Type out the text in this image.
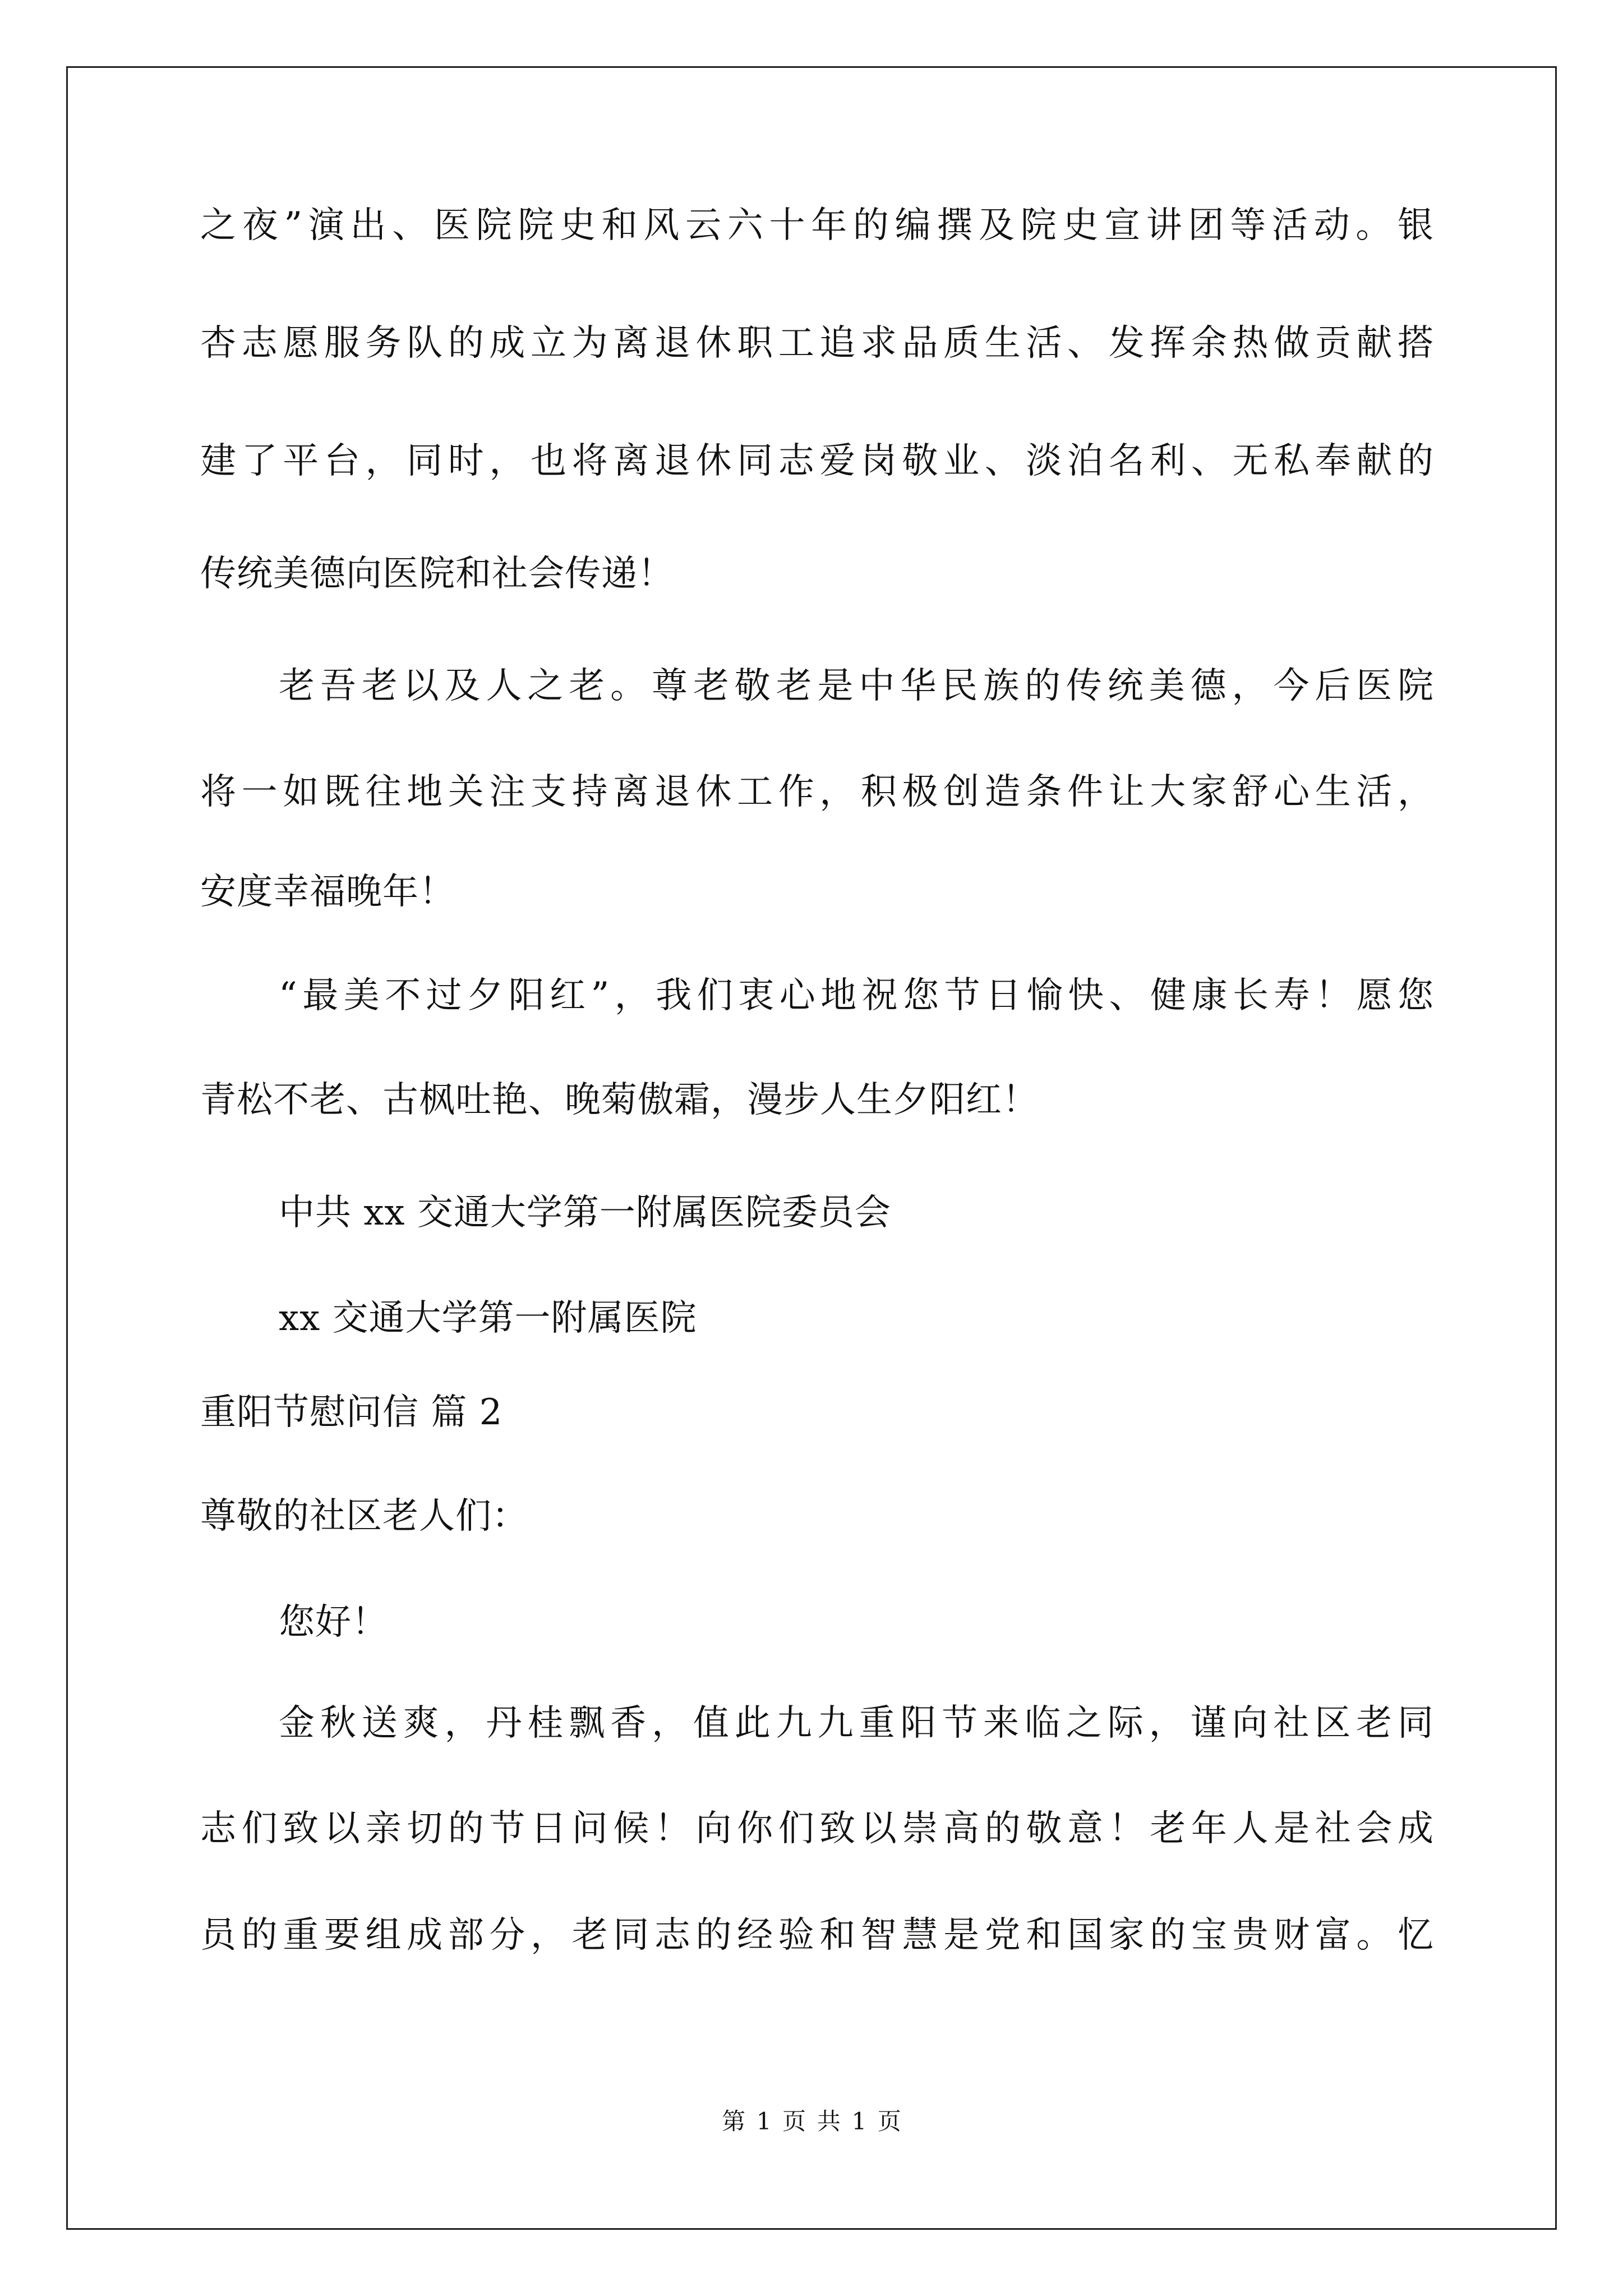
之夜”演出、医院院史和风云六十年的编撰及院史宣讲团等活动。银
杏志愿服务队的成立为离退休职工追求品质生活、发挥余热做贡献搭
建了平台，同时，也将离退休同志爱岗敬业、淡泊名利、无私奉献的
传统美德向医院和社会传递！
老吾老以及人之老。尊老敬老是中华民族的传统美德，今后医院
将一如既往地关注支持离退休工作，积极创造条件让大家舒心生活，
安度幸福晚年！
“最美不过夕阳红”，我们衷心地祝您节日愉快、健康长寿！愿您
青松不老、古枫吐艳、晚菊傲霜，漫步人生夕阳红！
中共 xx 交通大学第一附属医院委员会
xx 交通大学第一附属医院
重阳节慰问信 篇 2
尊敬的社区老人们：
您好！
金秋送爽，丹桂飘香，值此九九重阳节来临之际，谨向社区老同
志们致以亲切的节日问候！向你们致以崇高的敬意！老年人是社会成
员的重要组成部分，老同志的经验和智慧是党和国家的宝贵财富。忆
第 1 页 共 1 页
